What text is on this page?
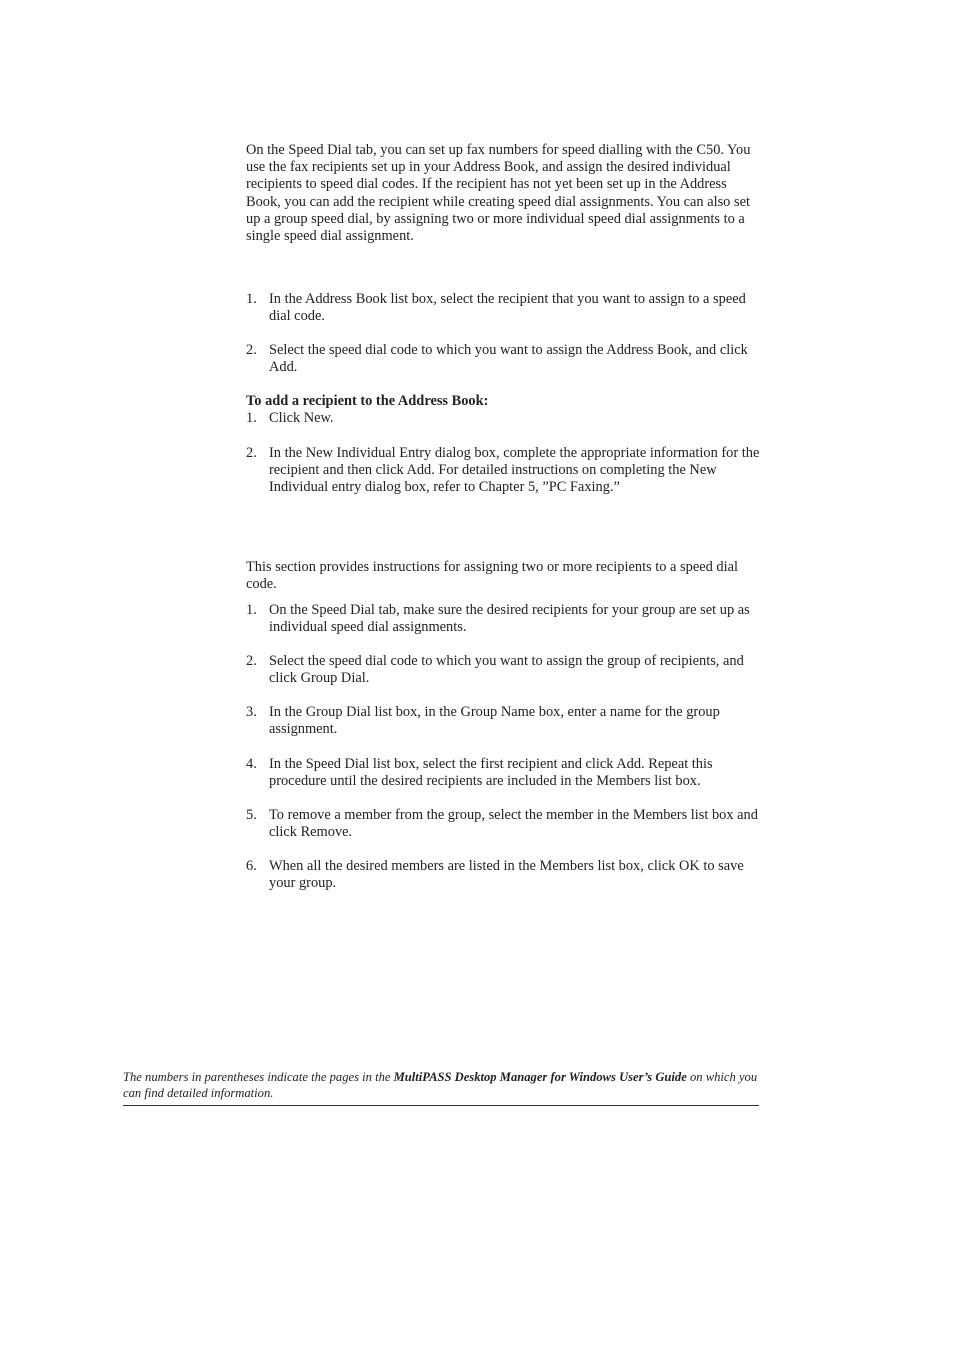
On the Speed Dial tab, you can set up fax numbers for speed dialling with the C50. You use the fax recipients set up in your Address Book, and assign the desired individual recipients to speed dial codes. If the recipient has not yet been set up in the Address Book, you can add the recipient while creating speed dial assignments. You can also set up a group speed dial, by assigning two or more individual speed dial assignments to a single speed dial assignment.

1. In the Address Book list box, select the recipient that you want to assign to a speed dial code.
2. Select the speed dial code to which you want to assign the Address Book, and click Add.

To add a recipient to the Address Book:

1. Click New.
2. In the New Individual Entry dialog box, complete the appropriate information for the recipient and then click Add. For detailed instructions on completing the New Individual entry dialog box, refer to Chapter 5, ”PC Faxing.”

This section provides instructions for assigning two or more recipients to a speed dial code.

1. On the Speed Dial tab, make sure the desired recipients for your group are set up as individual speed dial assignments.
2. Select the speed dial code to which you want to assign the group of recipients, and click Group Dial.
3. In the Group Dial list box, in the Group Name box, enter a name for the group assignment.
4. In the Speed Dial list box, select the first recipient and click Add. Repeat this procedure until the desired recipients are included in the Members list box.
5. To remove a member from the group, select the member in the Members list box and click Remove.
6. When all the desired members are listed in the Members list box, click OK to save your group.

The numbers in parentheses indicate the pages in the MultiPASS Desktop Manager for Windows User’s Guide on which you can find detailed information.
